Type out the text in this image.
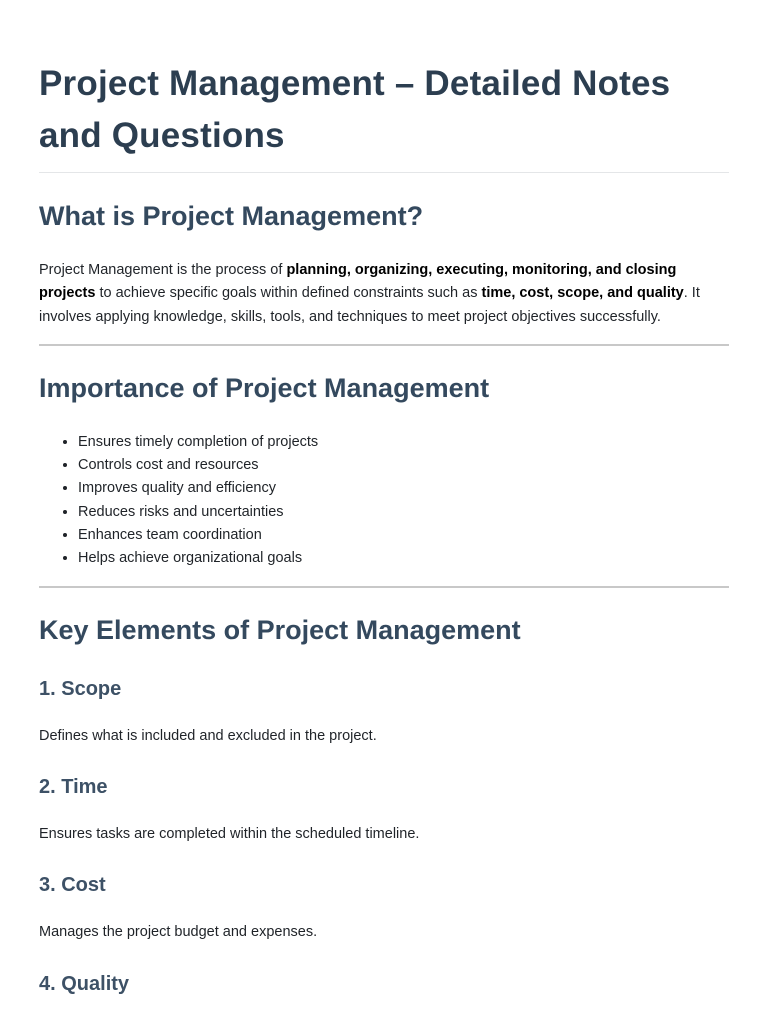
Project Management – Detailed Notes and Questions
What is Project Management?

Project Management is the process of planning, organizing, executing, monitoring, and closing projects to achieve specific goals within defined constraints such as time, cost, scope, and quality. It involves applying knowledge, skills, tools, and techniques to meet project objectives successfully.

Importance of Project Management
• Ensures timely completion of projects
• Controls cost and resources
• Improves quality and efficiency
• Reduces risks and uncertainties
• Enhances team coordination
• Helps achieve organizational goals
Key Elements of Project Management
1. Scope

Defines what is included and excluded in the project.

2. Time

Ensures tasks are completed within the scheduled timeline.

3. Cost

Manages the project budget and expenses.

4. Quality
